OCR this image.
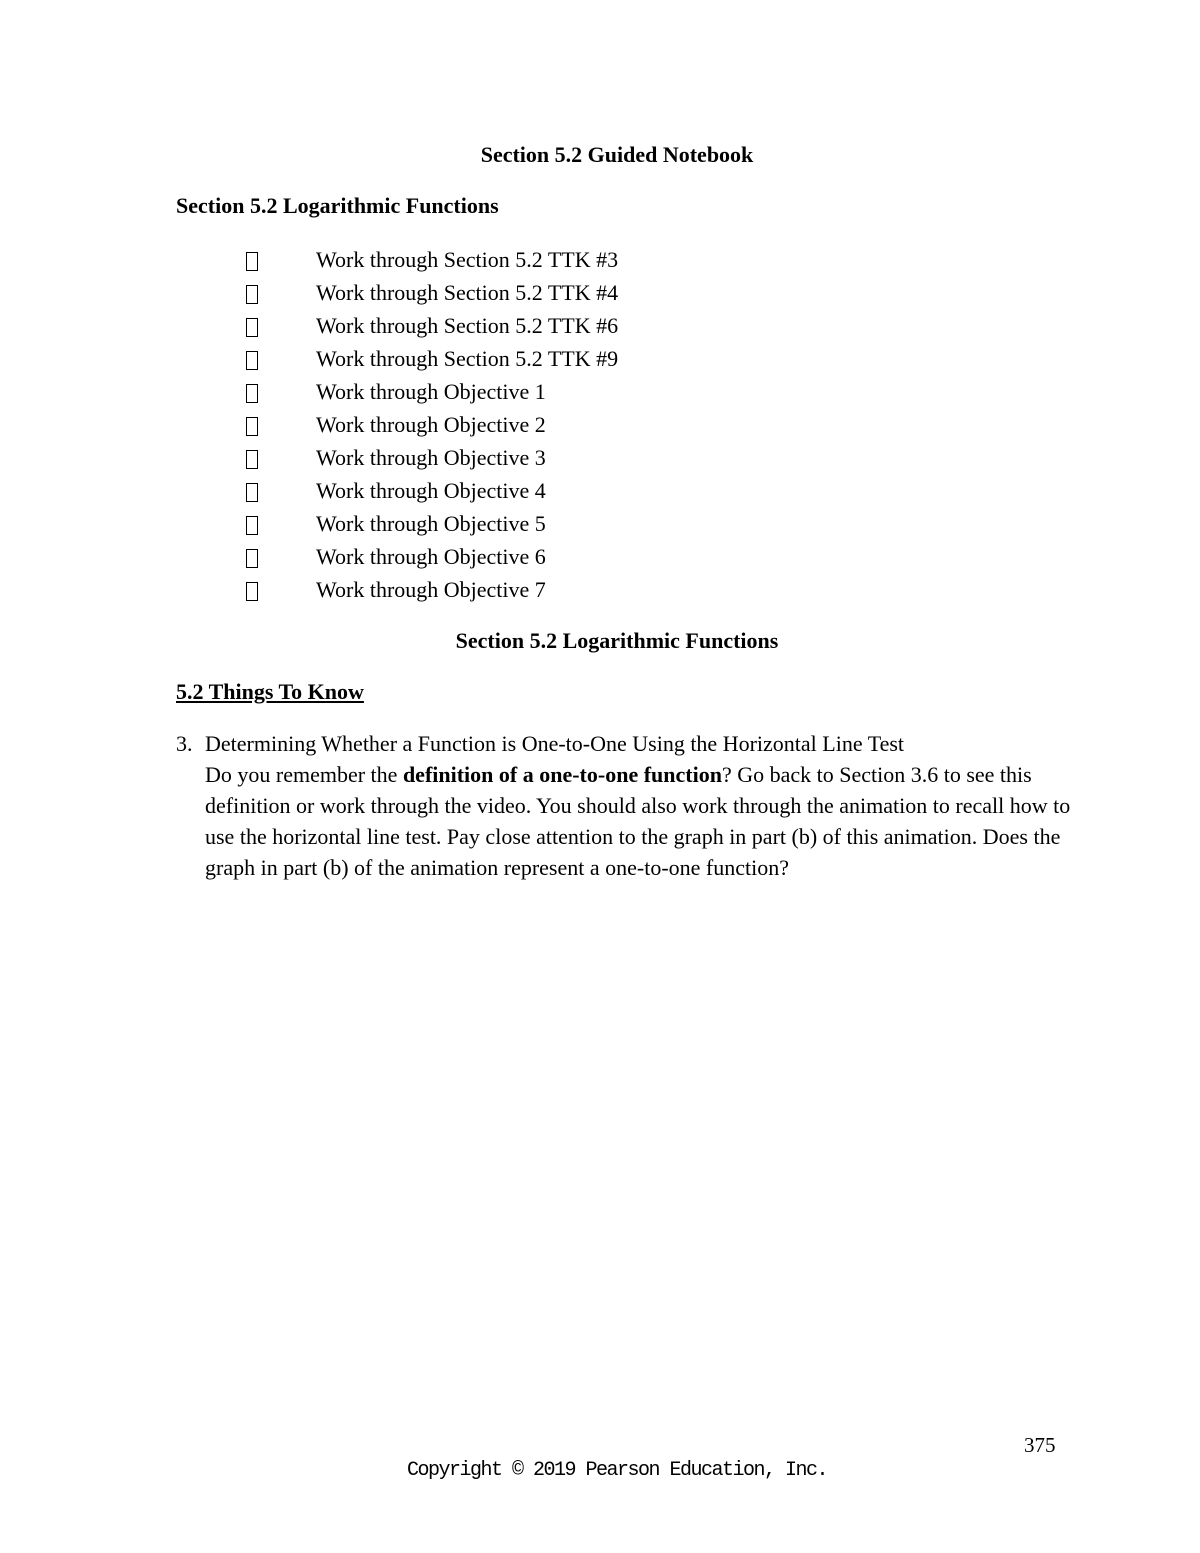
Section 5.2 Guided Notebook
Section 5.2 Logarithmic Functions
Work through Section 5.2 TTK #3
Work through Section 5.2 TTK #4
Work through Section 5.2 TTK #6
Work through Section 5.2 TTK #9
Work through Objective 1
Work through Objective 2
Work through Objective 3
Work through Objective 4
Work through Objective 5
Work through Objective 6
Work through Objective 7
Section 5.2 Logarithmic Functions
5.2 Things To Know
3. Determining Whether a Function is One-to-One Using the Horizontal Line Test

Do you remember the definition of a one-to-one function? Go back to Section 3.6 to see this definition or work through the video. You should also work through the animation to recall how to use the horizontal line test. Pay close attention to the graph in part (b) of this animation. Does the graph in part (b) of the animation represent a one-to-one function?

375
Copyright © 2019 Pearson Education, Inc.
